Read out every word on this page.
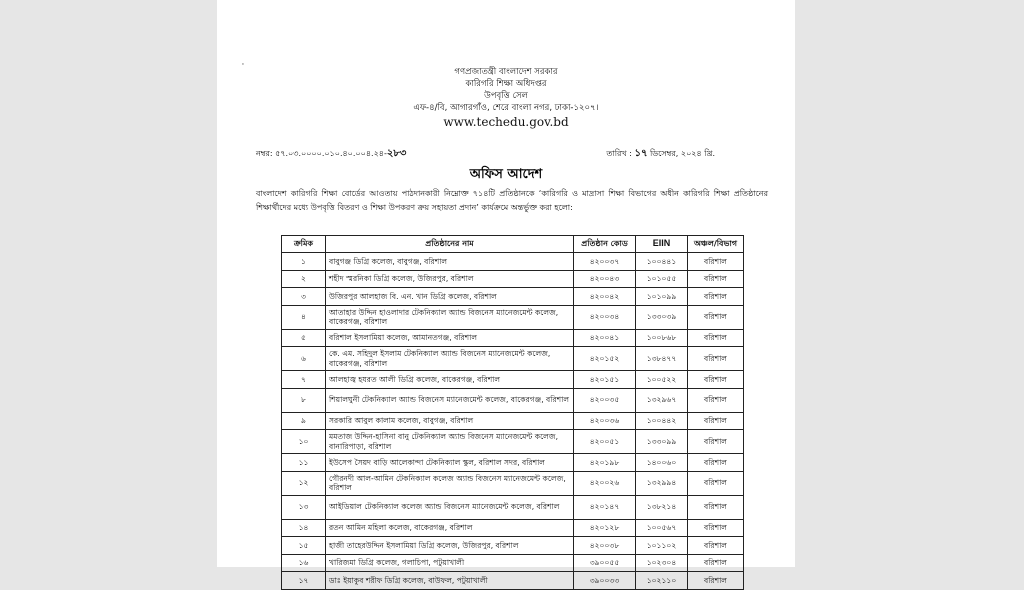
'
গণপ্রজাতন্ত্রী বাংলাদেশ সরকার
কারিগরি শিক্ষা অধিদপ্তর
উপবৃত্তি সেল
এফ-৪/বি, আগারগাঁও, শেরে বাংলা নগর, ঢাকা-১২০৭।
www.techedu.gov.bd
নম্বর: ৫৭.০৩.০০০০.০১০.৪০.০০৪.২৪-২৮৩	তারিখ : ১৭ ডিসেম্বর, ২০২৪ খ্রি.
অফিস আদেশ
বাংলাদেশ কারিগরি শিক্ষা বোর্ডের আওতায় পাঠদানকারী নিম্নোক্ত ৭১৪টি প্রতিষ্ঠানকে ‘কারিগরি ও মাদ্রাসা শিক্ষা বিভাগের অধীন কারিগরি শিক্ষা প্রতিষ্ঠানের শিক্ষার্থীদের মধ্যে উপবৃত্তি বিতরণ ও শিক্ষা উপকরণ ক্রয় সহায়তা প্রদান’ কার্যক্রমে অন্তর্ভুক্ত করা হলো:
ক্রমিক	প্রতিষ্ঠানের নাম	প্রতিষ্ঠান কোড	EIIN	অঞ্চল/বিভাগ
১	বাবুগঞ্জ ডিগ্রি কলেজ, বাবুগঞ্জ, বরিশাল	৪২০০৩৭	১০০৪৪১	বরিশাল
২	শহীদ স্মরনিকা ডিগ্রি কলেজ, উজিরপুর, বরিশাল	৪২০০৪৩	১০১০৫৫	বরিশাল
৩	উজিরপুর আলহাজ বি. এন. খান ডিগ্রি কলেজ, বরিশাল	৪২০০৪২	১০১০৯৯	বরিশাল
৪	আতাহার উদ্দিন হাওলাদার টেকনিক্যাল অ্যান্ড বিজনেস ম্যানেজমেন্ট কলেজ, বাকেরগঞ্জ, বরিশাল	৪২০০৩৪	১৩৩০৩৯	বরিশাল
৫	বরিশাল ইসলামিয়া কলেজ, আমানতগঞ্জ, বরিশাল	৪২০০৪১	১০০৮৬৮	বরিশাল
৬	কে. এম. সহিদুল ইসলাম টেকনিক্যাল অ্যান্ড বিজনেস ম্যানেজমেন্ট কলেজ, বাকেরগঞ্জ, বরিশাল	৪২০১৫২	১৩৮৪৭৭	বরিশাল
৭	আলহাজ্ব হযরত আলী ডিগ্রি কলেজ, বাকেরগঞ্জ, বরিশাল	৪২০১৫১	১০০৫২২	বরিশাল
৮	শিয়ালঘুনী টেকনিক্যাল অ্যান্ড বিজনেস ম্যানেজমেন্ট কলেজ, বাকেরগঞ্জ, বরিশাল	৪২০০৩৫	১৩২৯৬৭	বরিশাল
৯	সরকারি আবুল কালাম কলেজ, বাবুগঞ্জ, বরিশাল	৪২০০৩৬	১০০৪৪২	বরিশাল
১০	মমতাজ উদ্দিন-হাসিনা বানু টেকনিক্যাল অ্যান্ড বিজনেস ম্যানেজমেন্ট কলেজ, বানারিপাড়া, বরিশাল	৪২০০৫১	১৩৩০৯৯	বরিশাল
১১	ইউসেপ সৈয়দ বাড়ি আলেকান্দা টেকনিক্যাল স্কুল, বরিশাল সদর, বরিশাল	৪২০১৯৮	১৪০০৬০	বরিশাল
১২	গৌরনদী আল-আমিন টেকনিক্যাল কলেজ অ্যান্ড বিজনেস ম্যানেজমেন্ট কলেজ, বরিশাল	৪২০০২৬	১৩২৯৯৪	বরিশাল
১৩	আইডিয়াল টেকনিক্যাল কলেজ অ্যান্ড বিজনেস ম্যানেজমেন্ট কলেজ, বরিশাল	৪২০১৪৭	১৩৮২১৪	বরিশাল
১৪	রতন আমিন মহিলা কলেজ, বাকেরগঞ্জ, বরিশাল	৪২০১২৮	১০০৫৬৭	বরিশাল
১৫	হাজী তাহেরউদ্দিন ইসলামিয়া ডিগ্রি কলেজ, উজিরপুর, বরিশাল	৪২০০৩৮	১০১১০২	বরিশাল
১৬	খারিজমা ডিগ্রি কলেজ, গলাচিপা, পটুয়াখালী	৩৯০০৫৫	১০২৩০৪	বরিশাল
১৭	ডাঃ ইয়াকুব শরীফ ডিগ্রি কলেজ, বাউফল, পটুয়াখালী	৩৯০০৩৩	১০২১১০	বরিশাল
